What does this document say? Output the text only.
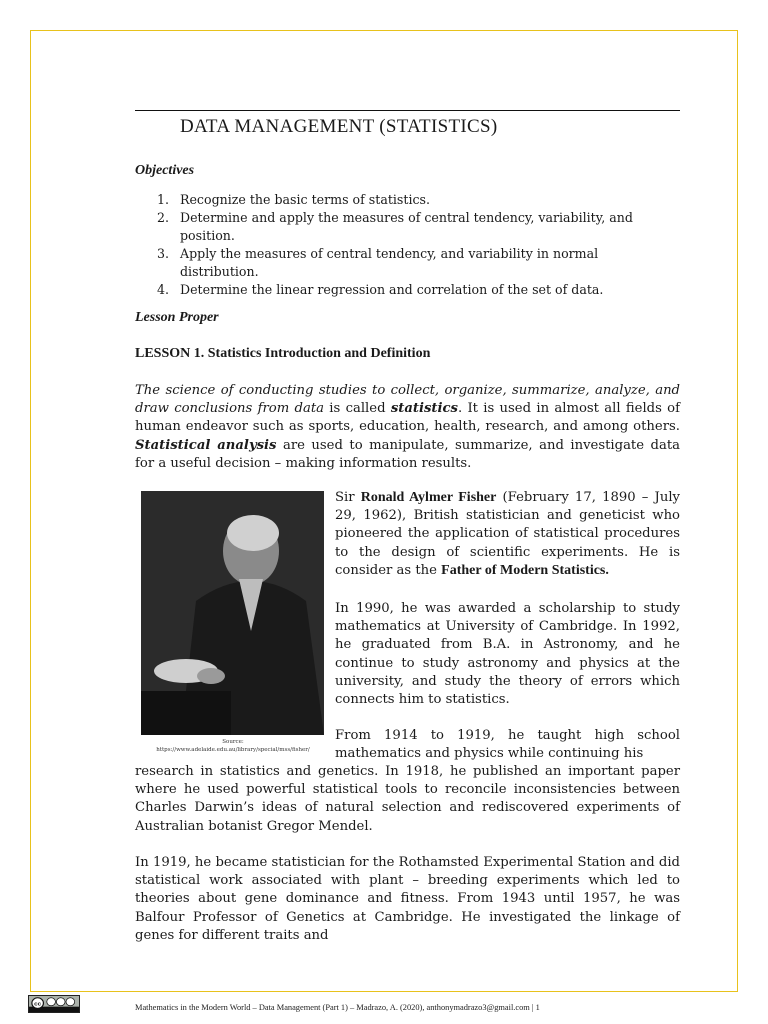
DATA MANAGEMENT (STATISTICS)

Objectives

1. Recognize the basic terms of statistics.
2. Determine and apply the measures of central tendency, variability, and position.
3. Apply the measures of central tendency, and variability in normal distribution.
4. Determine the linear regression and correlation of the set of data.

Lesson Proper

LESSON 1. Statistics Introduction and Definition

The science of conducting studies to collect, organize, summarize, analyze, and draw conclusions from data is called statistics. It is used in almost all fields of human endeavor such as sports, education, health, research, and among others. Statistical analysis are used to manipulate, summarize, and investigate data for a useful decision – making information results.

Source:
https://www.adelaide.edu.au/library/special/mss/fisher/

Sir Ronald Aylmer Fisher (February 17, 1890 – July 29, 1962), British statistician and geneticist who pioneered the application of statistical procedures to the design of scientific experiments. He is consider as the Father of Modern Statistics.

In 1990, he was awarded a scholarship to study mathematics at University of Cambridge. In 1992, he graduated from B.A. in Astronomy, and he continue to study astronomy and physics at the university, and study the theory of errors which connects him to statistics.

From 1914 to 1919, he taught high school mathematics and physics while continuing his

research in statistics and genetics. In 1918, he published an important paper where he used powerful statistical tools to reconcile inconsistencies between Charles Darwin’s ideas of natural selection and rediscovered experiments of Australian botanist Gregor Mendel.

In 1919, he became statistician for the Rothamsted Experimental Station and did statistical work associated with plant – breeding experiments which led to theories about gene dominance and fitness. From 1943 until 1957, he was Balfour Professor of Genetics at Cambridge. He investigated the linkage of genes for different traits and

cc	Mathematics in the Modern World – Data Management (Part 1) – Madrazo, A. (2020), anthonymadrazo3@gmail.com | 1
